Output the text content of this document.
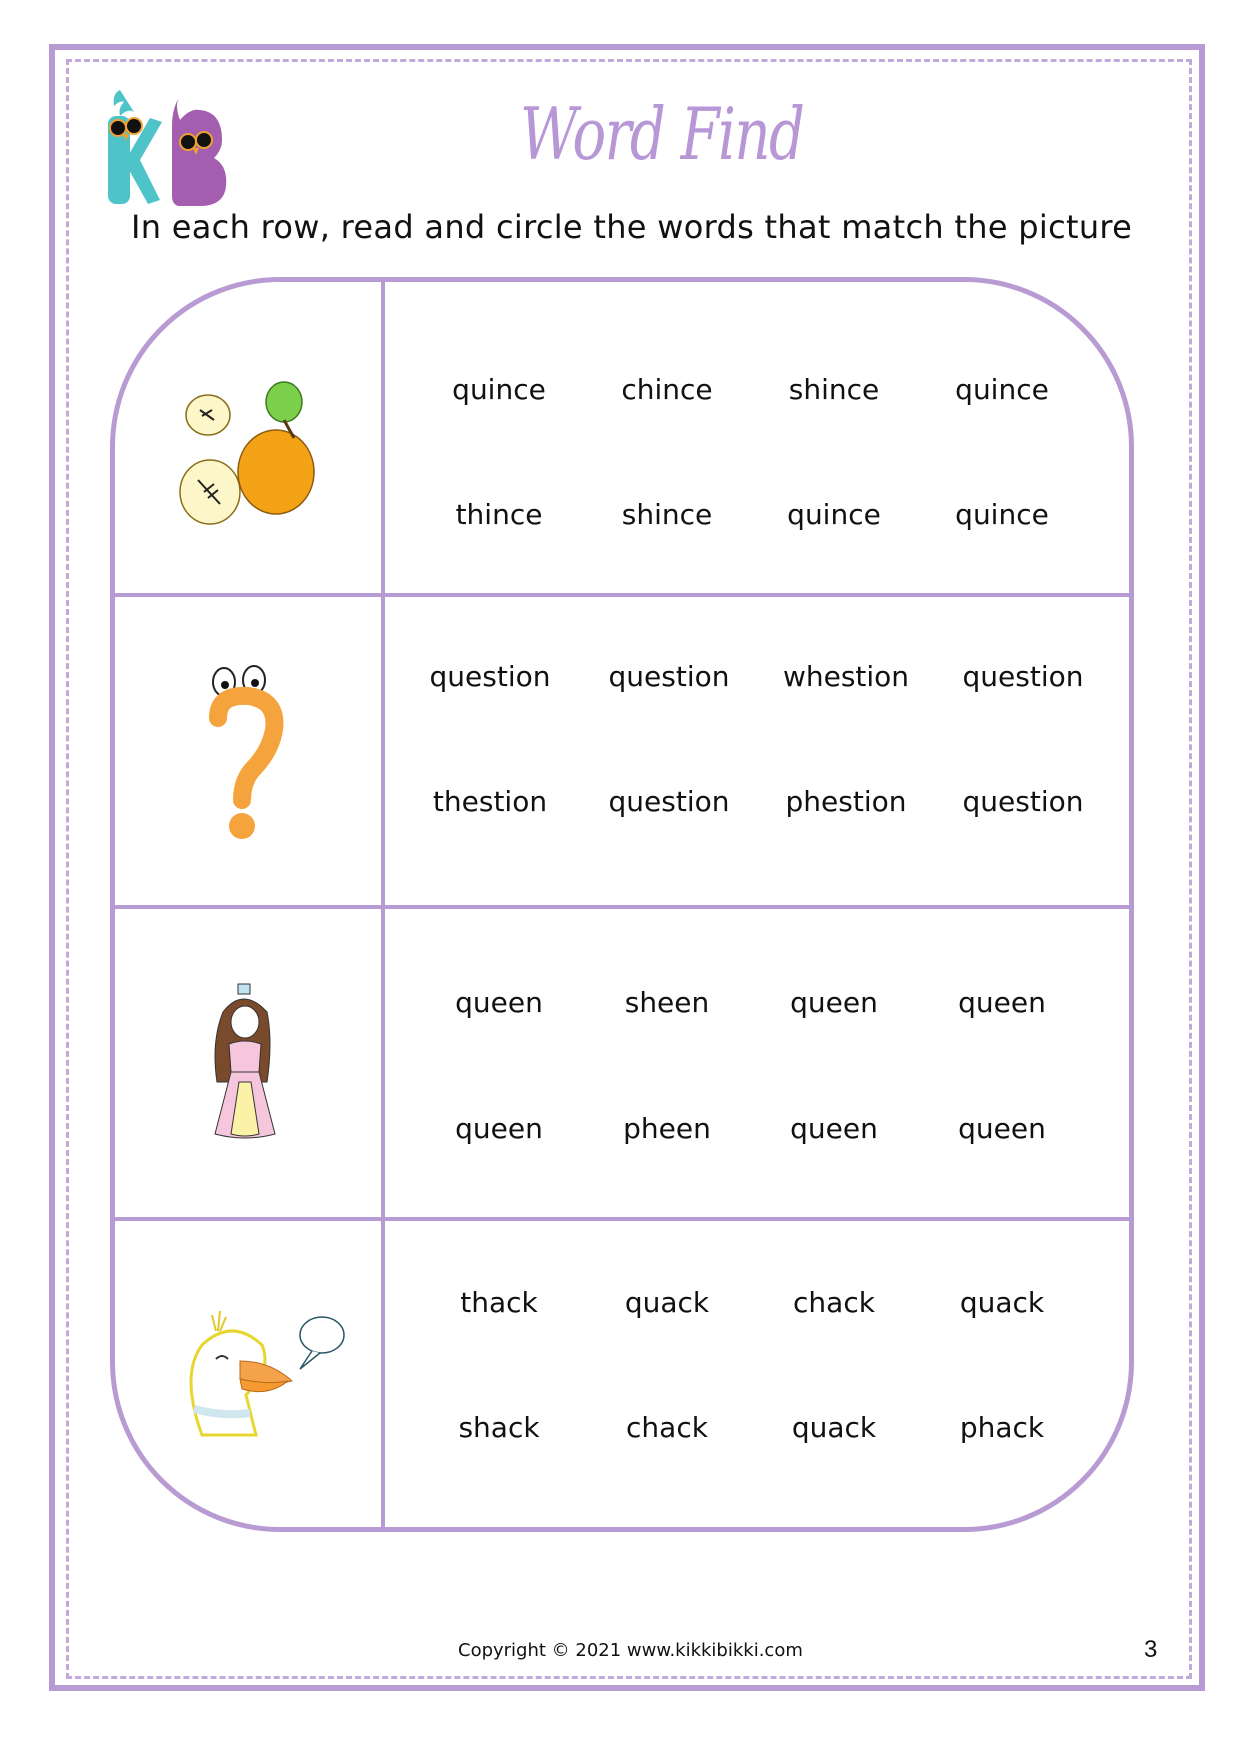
Word Find
In each row, read and circle the words that match the picture
quince	chince	shince	quince
thince	shince	quince	quince
question question whestion question
thestion question phestion question
queen	sheen	queen	queen
queen	pheen	queen	queen
thack	quack	chack	quack
shack	chack	quack	phack
Copyright © 2021 www.kikkibikki.com	3
